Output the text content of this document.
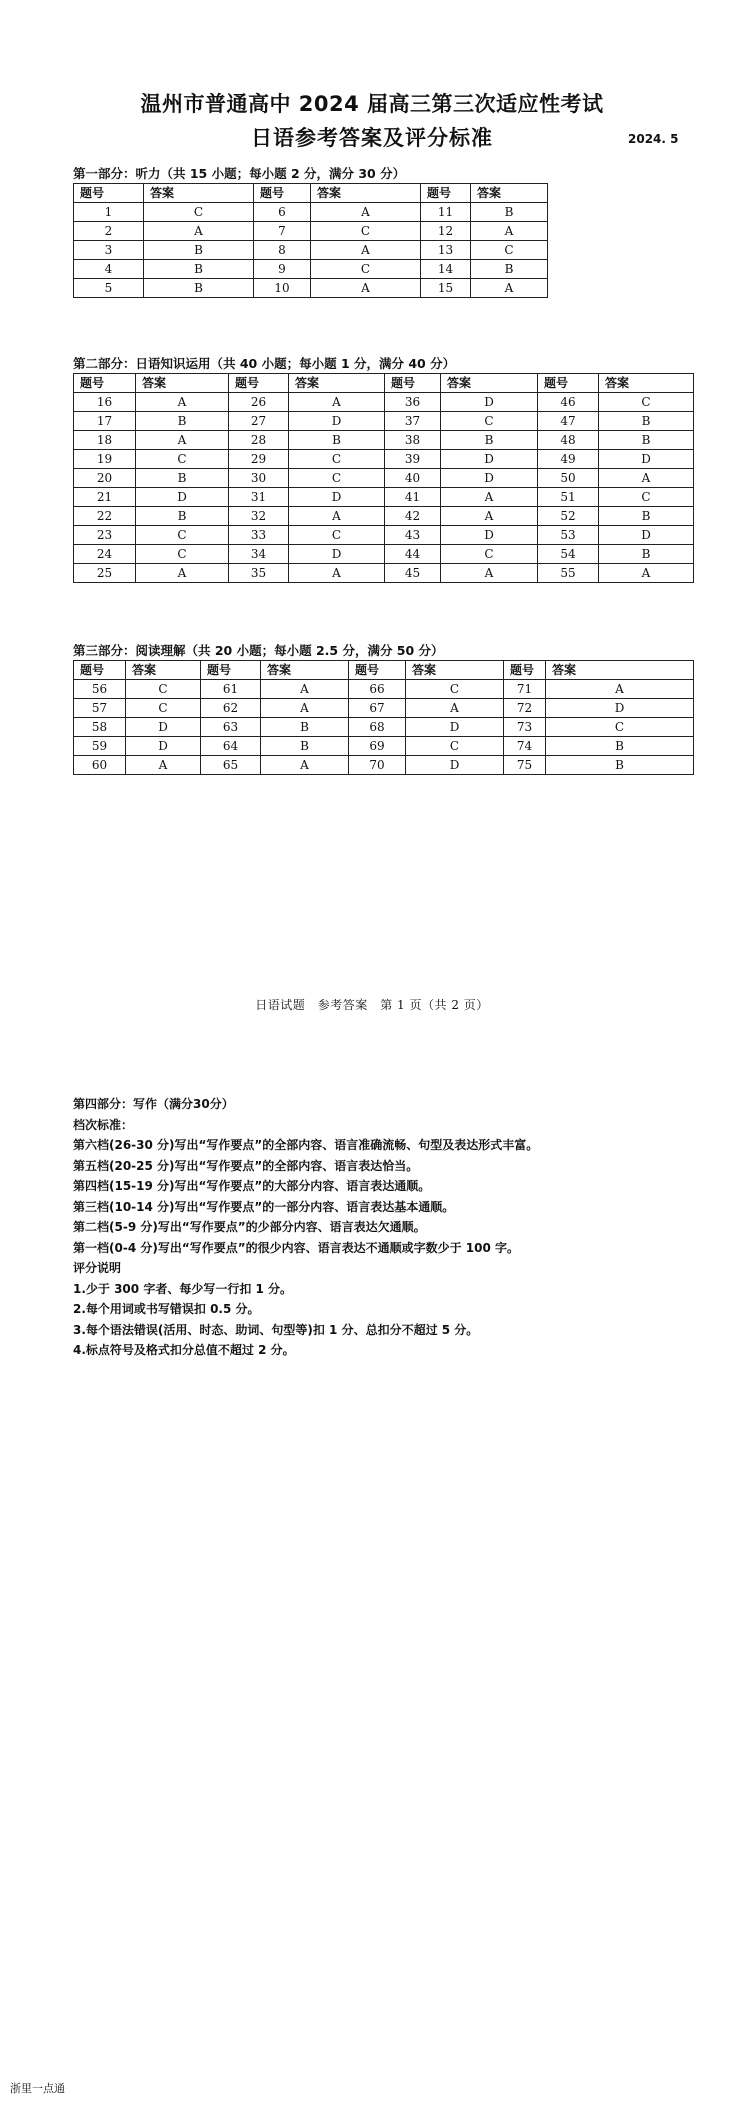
温州市普通高中 2024 届高三第三次适应性考试
日语参考答案及评分标准	2024. 5
第一部分：听力（共 15 小题；每小题 2 分，满分 30 分）
题号	答案	题号	答案	题号	答案
1	C	6	A	11	B
2	A	7	C	12	A
3	B	8	A	13	C
4	B	9	C	14	B
5	B	10	A	15	A
第二部分：日语知识运用（共 40 小题；每小题 1 分，满分 40 分）
题号	答案	题号	答案	题号	答案	题号	答案
16	A	26	A	36	D	46	C
17	B	27	D	37	C	47	B
18	A	28	B	38	B	48	B
19	C	29	C	39	D	49	D
20	B	30	C	40	D	50	A
21	D	31	D	41	A	51	C
22	B	32	A	42	A	52	B
23	C	33	C	43	D	53	D
24	C	34	D	44	C	54	B
25	A	35	A	45	A	55	A
第三部分：阅读理解（共 20 小题；每小题 2.5 分，满分 50 分）
题号	答案	题号	答案	题号	答案	题号	答案
56	C	61	A	66	C	71	A
57	C	62	A	67	A	72	D
58	D	63	B	68	D	73	C
59	D	64	B	69	C	74	B
60	A	65	A	70	D	75	B
日语试题　参考答案　第 1 页（共 2 页）
第四部分：写作（满分30分）
档次标准：
第六档(26-30 分)写出“写作要点”的全部内容、语言准确流畅、句型及表达形式丰富。
第五档(20-25 分)写出“写作要点”的全部内容、语言表达恰当。
第四档(15-19 分)写出“写作要点”的大部分内容、语言表达通顺。
第三档(10-14 分)写出“写作要点”的一部分内容、语言表达基本通顺。
第二档(5-9 分)写出“写作要点”的少部分内容、语言表达欠通顺。
第一档(0-4 分)写出“写作要点”的很少内容、语言表达不通顺或字数少于 100 字。
评分说明
1.少于 300 字者、每少写一行扣 1 分。
2.每个用词或书写错误扣 0.5 分。
3.每个语法错误(活用、时态、助词、句型等)扣 1 分、总扣分不超过 5 分。
4.标点符号及格式扣分总值不超过 2 分。
浙里一点通
